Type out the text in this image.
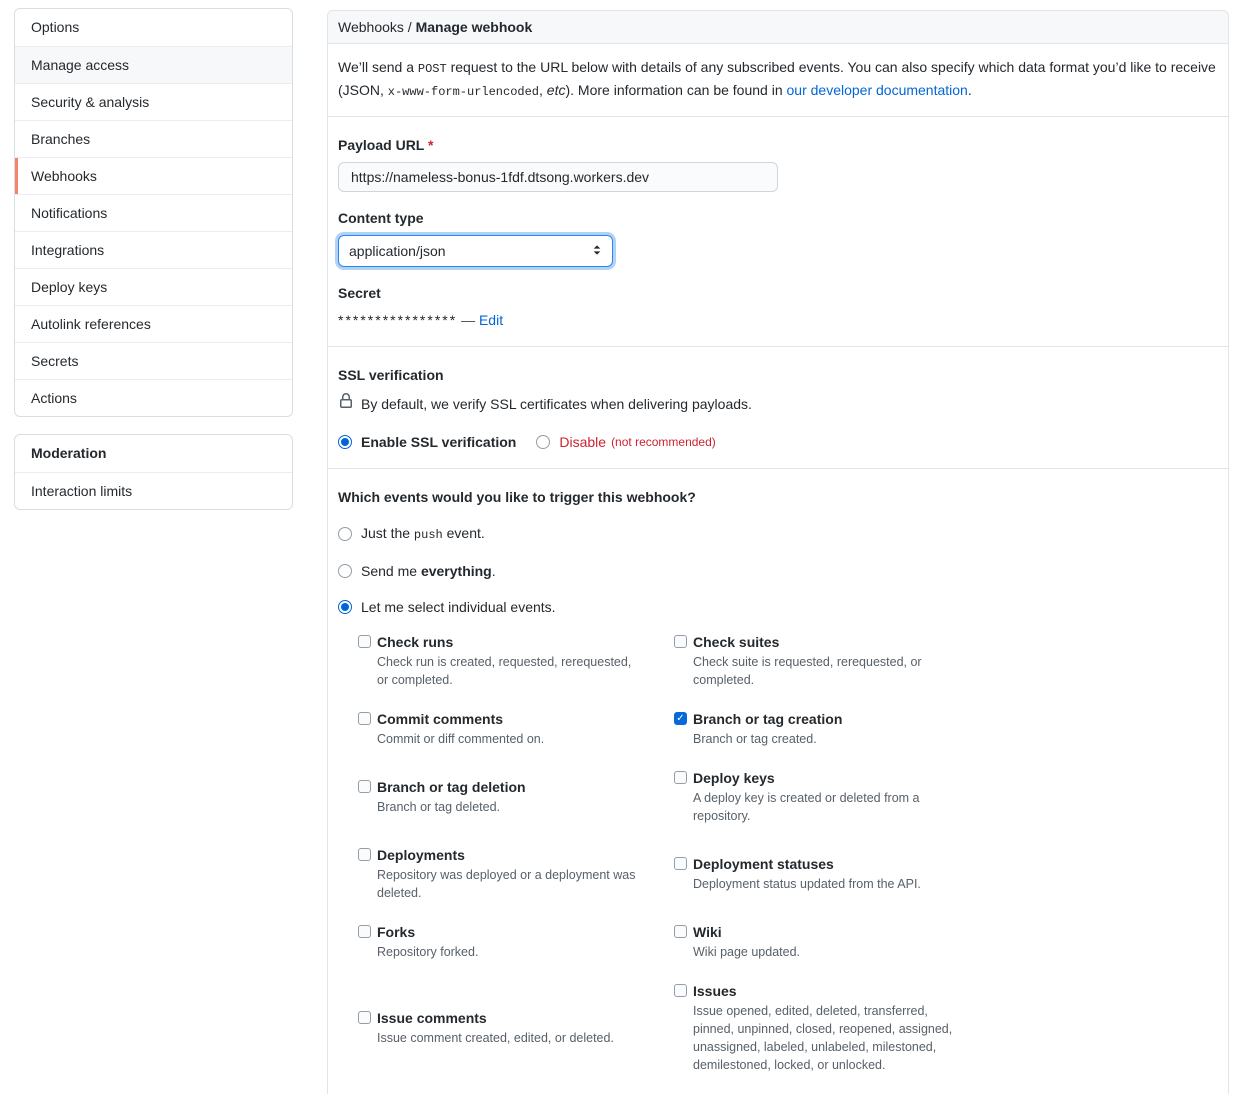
Options
Manage access
Security & analysis
Branches
Webhooks
Notifications
Integrations
Deploy keys
Autolink references
Secrets
Actions
Moderation
Interaction limits
Webhooks / Manage webhook
We’ll send a POST request to the URL below with details of any subscribed events. You can also specify which data format you’d like to receive (JSON, x-www-form-urlencoded, etc). More information can be found in our developer documentation.
Payload URL *
https://nameless-bonus-1fdf.dtsong.workers.dev
Content type
application/json
Secret
**************** — Edit
SSL verification
By default, we verify SSL certificates when delivering payloads.
Enable SSL verification	Disable (not recommended)
Which events would you like to trigger this webhook?
Just the push event.
Send me everything.
Let me select individual events.
Check runs
Check run is created, requested, rerequested, or completed.
Check suites
Check suite is requested, rerequested, or completed.
Commit comments
Commit or diff commented on.
✓
Branch or tag creation
Branch or tag created.
Branch or tag deletion
Branch or tag deleted.
Deploy keys
A deploy key is created or deleted from a repository.
Deployments
Repository was deployed or a deployment was deleted.
Deployment statuses
Deployment status updated from the API.
Forks
Repository forked.
Wiki
Wiki page updated.
Issue comments
Issue comment created, edited, or deleted.
Issues
Issue opened, edited, deleted, transferred, pinned, unpinned, closed, reopened, assigned, unassigned, labeled, unlabeled, milestoned, demilestoned, locked, or unlocked.
